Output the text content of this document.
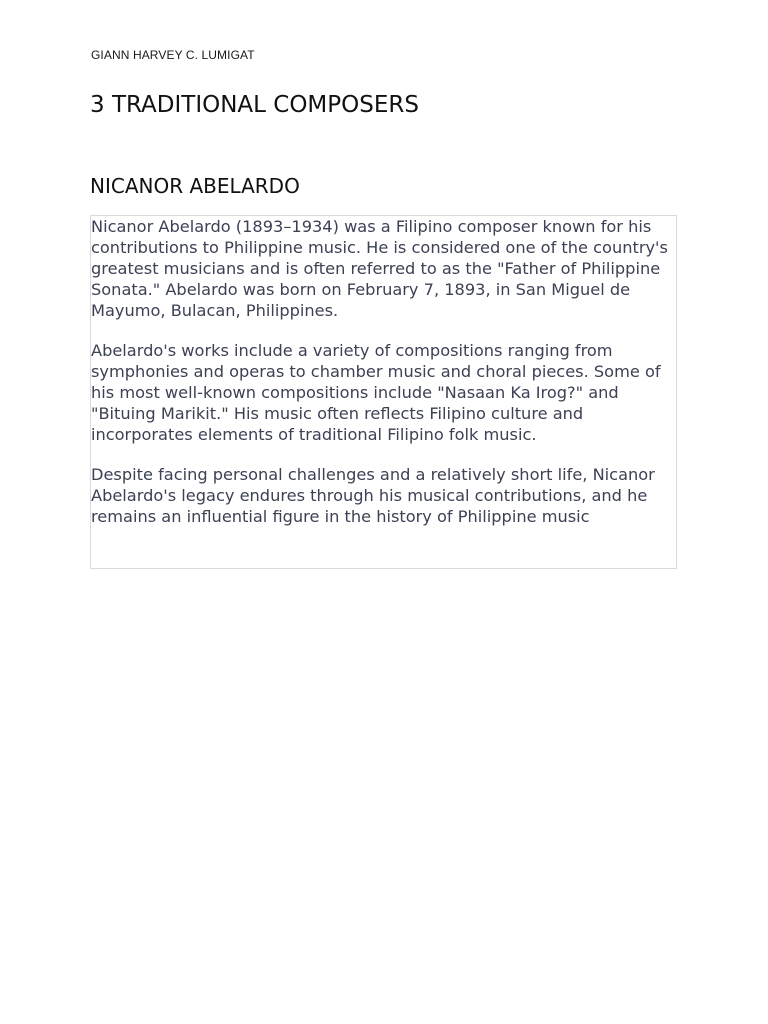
GIANN HARVEY C. LUMIGAT
3 TRADITIONAL COMPOSERS
NICANOR ABELARDO

Nicanor Abelardo (1893–1934) was a Filipino composer known for his contributions to Philippine music. He is considered one of the country's greatest musicians and is often referred to as the "Father of Philippine Sonata." Abelardo was born on February 7, 1893, in San Miguel de Mayumo, Bulacan, Philippines.

Abelardo's works include a variety of compositions ranging from symphonies and operas to chamber music and choral pieces. Some of his most well-known compositions include "Nasaan Ka Irog?" and "Bituing Marikit." His music often reflects Filipino culture and incorporates elements of traditional Filipino folk music.

Despite facing personal challenges and a relatively short life, Nicanor Abelardo's legacy endures through his musical contributions, and he remains an influential figure in the history of Philippine music
